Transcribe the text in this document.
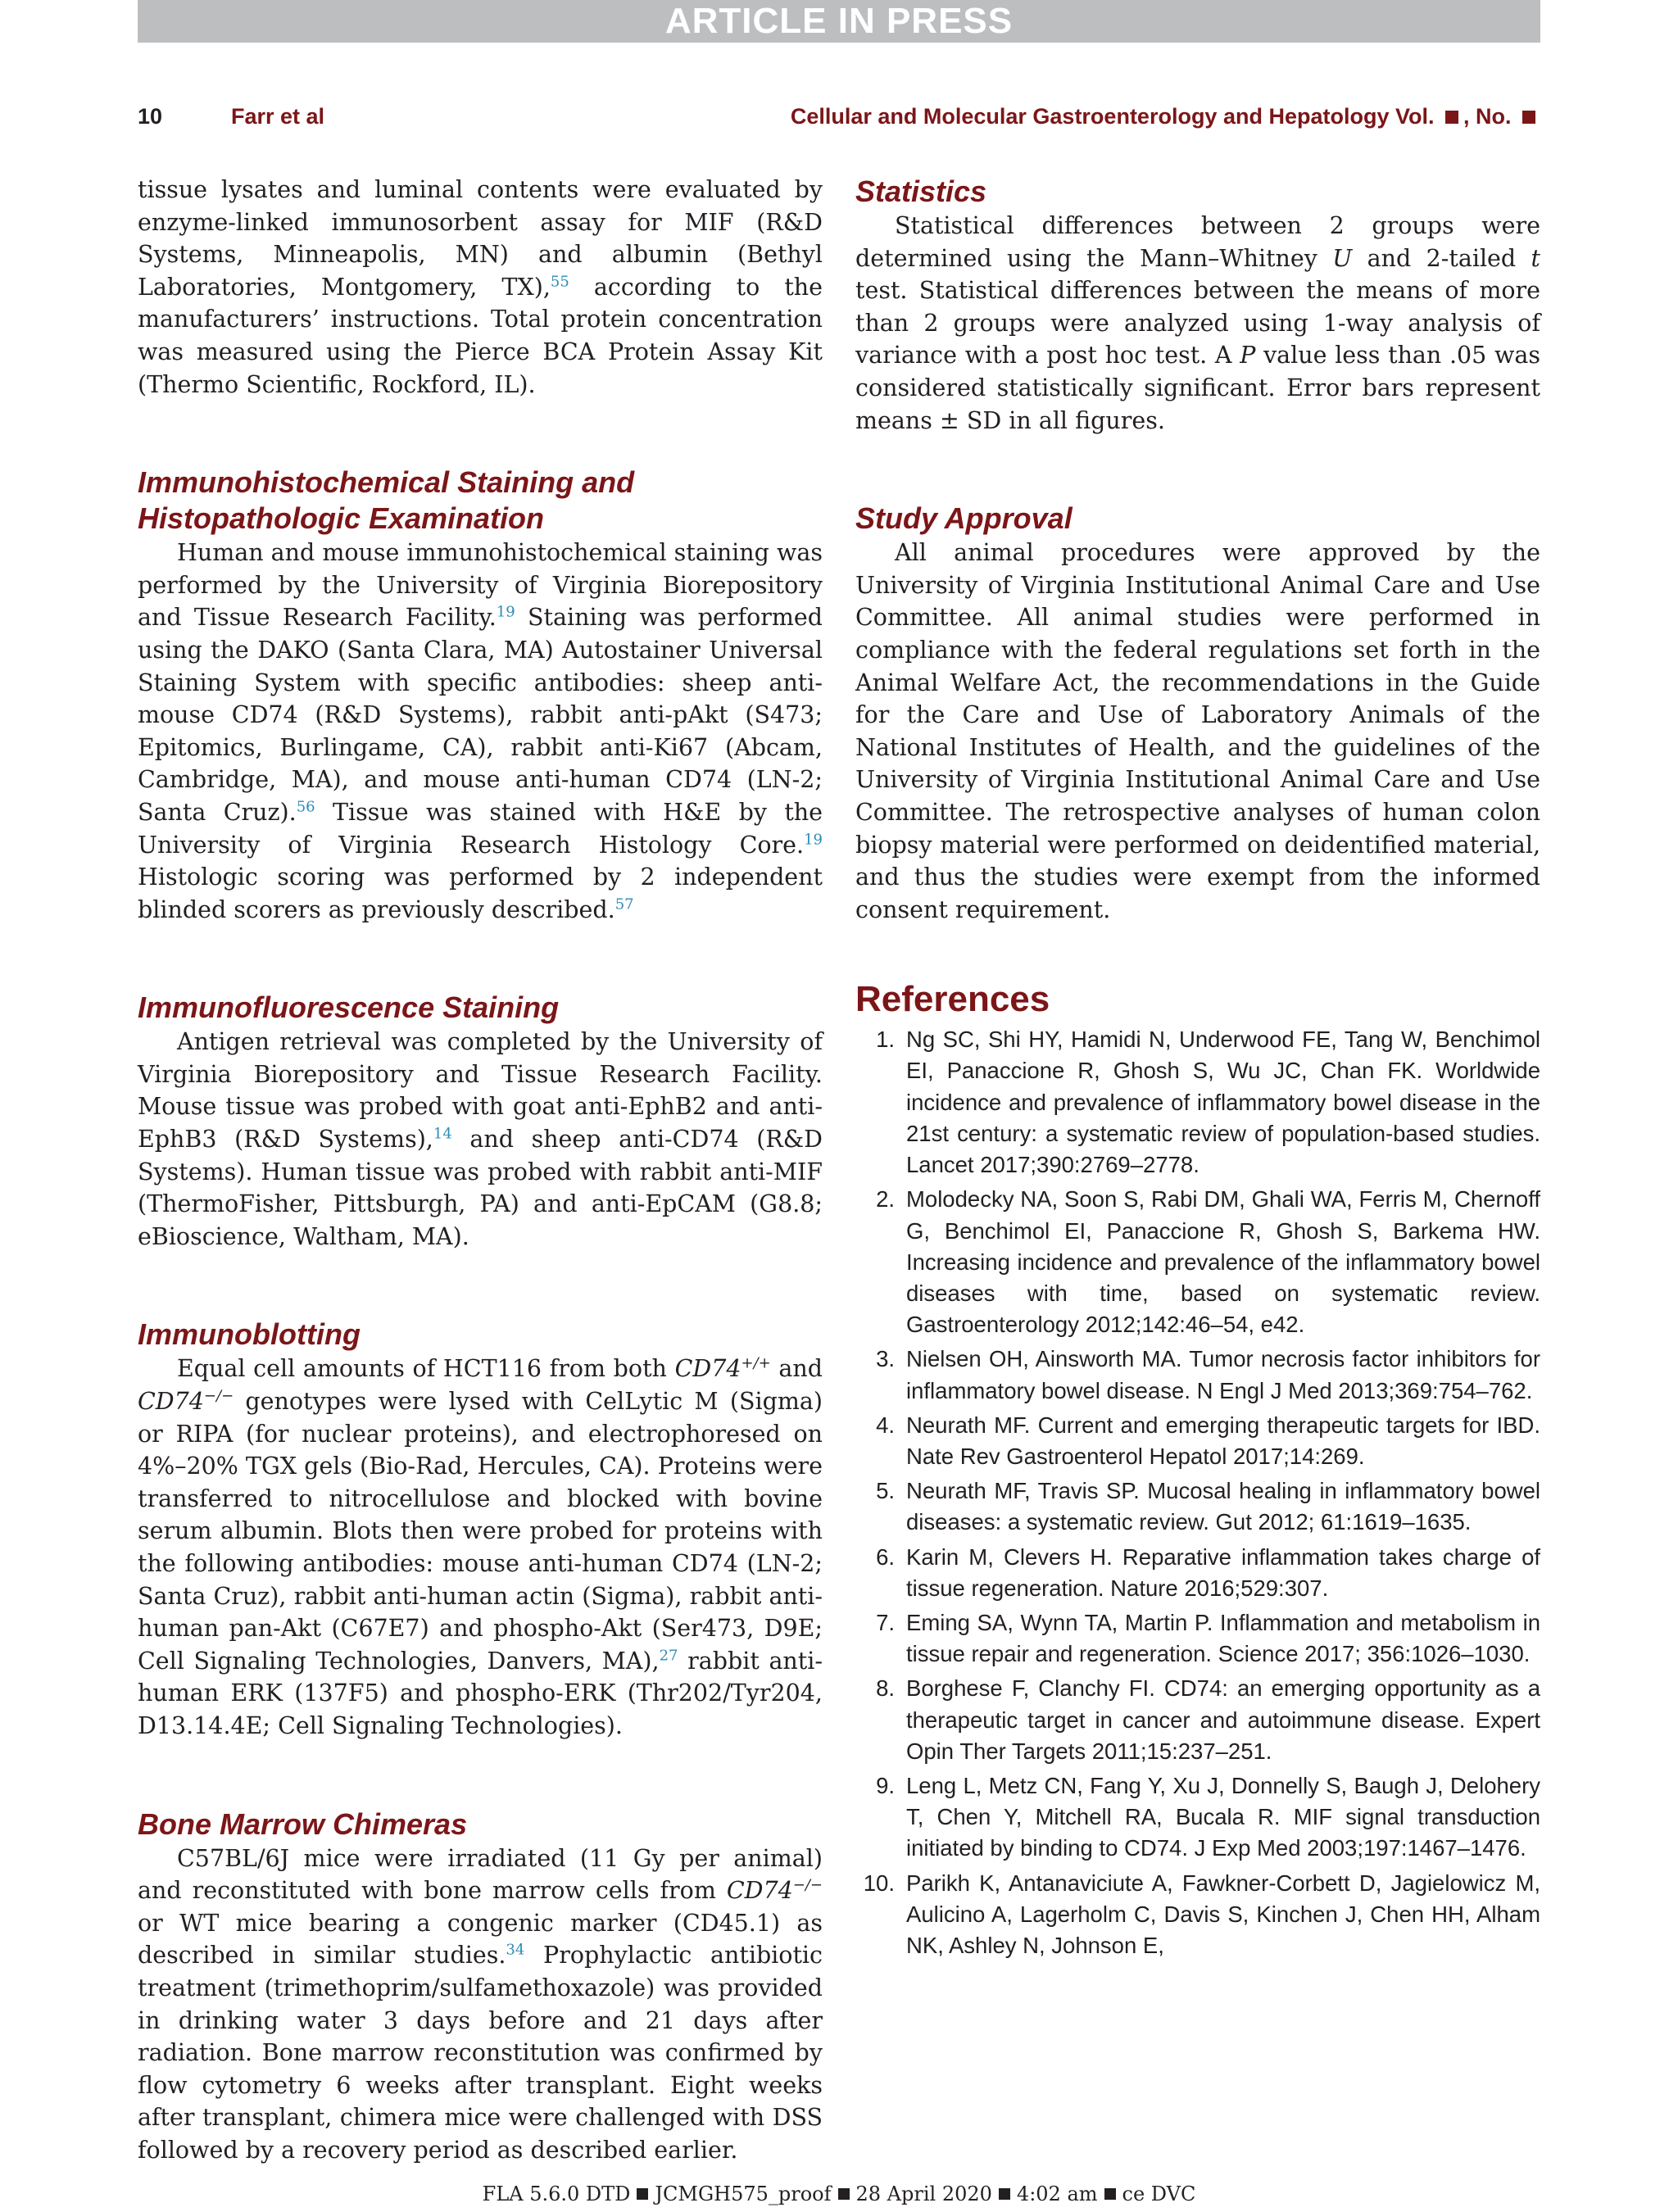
ARTICLE IN PRESS
10	Farr et al	Cellular and Molecular Gastroenterology and Hepatology Vol. , No.

tissue lysates and luminal contents were evaluated by enzyme-linked immunosorbent assay for MIF (R&D Systems, Minneapolis, MN) and albumin (Bethyl Laboratories, Montgomery, TX),$^{55}$ according to the manufacturers’ instructions. Total protein concentration was measured using the Pierce BCA Protein Assay Kit (Thermo Scientific, Rockford, IL).

Immunohistochemical Staining and Histopathologic Examination

Human and mouse immunohistochemical staining was performed by the University of Virginia Biorepository and Tissue Research Facility.$^{19}$ Staining was performed using the DAKO (Santa Clara, MA) Autostainer Universal Staining System with specific antibodies: sheep anti-mouse CD74 (R&D Systems), rabbit anti-pAkt (S473; Epitomics, Burlingame, CA), rabbit anti-Ki67 (Abcam, Cambridge, MA), and mouse anti-human CD74 (LN-2; Santa Cruz).$^{56}$ Tissue was stained with H&E by the University of Virginia Research Histology Core.$^{19}$ Histologic scoring was performed by 2 independent blinded scorers as previously described.$^{57}$

Immunofluorescence Staining

Antigen retrieval was completed by the University of Virginia Biorepository and Tissue Research Facility. Mouse tissue was probed with goat anti-EphB2 and anti-EphB3 (R&D Systems),$^{14}$ and sheep anti-CD74 (R&D Systems). Human tissue was probed with rabbit anti-MIF (ThermoFisher, Pittsburgh, PA) and anti-EpCAM (G8.8; eBioscience, Waltham, MA).

Immunoblotting

Equal cell amounts of HCT116 from both CD74+/+ and CD74−/− genotypes were lysed with CelLytic M (Sigma) or RIPA (for nuclear proteins), and electrophoresed on 4%–20% TGX gels (Bio-Rad, Hercules, CA). Proteins were transferred to nitrocellulose and blocked with bovine serum albumin. Blots then were probed for proteins with the following antibodies: mouse anti-human CD74 (LN-2; Santa Cruz), rabbit anti-human actin (Sigma), rabbit anti-human pan-Akt (C67E7) and phospho-Akt (Ser473, D9E; Cell Signaling Technologies, Danvers, MA),$^{27}$ rabbit anti-human ERK (137F5) and phospho-ERK (Thr202/Tyr204, D13.14.4E; Cell Signaling Technologies).

Bone Marrow Chimeras

C57BL/6J mice were irradiated (11 Gy per animal) and reconstituted with bone marrow cells from CD74−/− or WT mice bearing a congenic marker (CD45.1) as described in similar studies.$^{34}$ Prophylactic antibiotic treatment (trimethoprim/sulfamethoxazole) was provided in drinking water 3 days before and 21 days after radiation. Bone marrow reconstitution was confirmed by flow cytometry 6 weeks after transplant. Eight weeks after transplant, chimera mice were challenged with DSS followed by a recovery period as described earlier.

Statistics

Statistical differences between 2 groups were determined using the Mann–Whitney U and 2-tailed t test. Statistical differences between the means of more than 2 groups were analyzed using 1-way analysis of variance with a post hoc test. A P value less than .05 was considered statistically significant. Error bars represent means ± SD in all figures.

Study Approval

All animal procedures were approved by the University of Virginia Institutional Animal Care and Use Committee. All animal studies were performed in compliance with the federal regulations set forth in the Animal Welfare Act, the recommendations in the Guide for the Care and Use of Laboratory Animals of the National Institutes of Health, and the guidelines of the University of Virginia Institutional Animal Care and Use Committee. The retrospective analyses of human colon biopsy material were performed on deidentified material, and thus the studies were exempt from the informed consent requirement.

References
1. Ng SC, Shi HY, Hamidi N, Underwood FE, Tang W, Benchimol EI, Panaccione R, Ghosh S, Wu JC, Chan FK. Worldwide incidence and prevalence of inflammatory bowel disease in the 21st century: a systematic review of population-based studies. Lancet 2017;390:2769–2778.
2. Molodecky NA, Soon S, Rabi DM, Ghali WA, Ferris M, Chernoff G, Benchimol EI, Panaccione R, Ghosh S, Barkema HW. Increasing incidence and prevalence of the inflammatory bowel diseases with time, based on systematic review. Gastroenterology 2012;142:46–54, e42.
3. Nielsen OH, Ainsworth MA. Tumor necrosis factor inhibitors for inflammatory bowel disease. N Engl J Med 2013;369:754–762.
4. Neurath MF. Current and emerging therapeutic targets for IBD. Nate Rev Gastroenterol Hepatol 2017;14:269.
5. Neurath MF, Travis SP. Mucosal healing in inflammatory bowel diseases: a systematic review. Gut 2012; 61:1619–1635.
6. Karin M, Clevers H. Reparative inflammation takes charge of tissue regeneration. Nature 2016;529:307.
7. Eming SA, Wynn TA, Martin P. Inflammation and metabolism in tissue repair and regeneration. Science 2017; 356:1026–1030.
8. Borghese F, Clanchy FI. CD74: an emerging opportunity as a therapeutic target in cancer and autoimmune disease. Expert Opin Ther Targets 2011;15:237–251.
9. Leng L, Metz CN, Fang Y, Xu J, Donnelly S, Baugh J, Delohery T, Chen Y, Mitchell RA, Bucala R. MIF signal transduction initiated by binding to CD74. J Exp Med 2003;197:1467–1476.
10. Parikh K, Antanaviciute A, Fawkner-Corbett D, Jagielowicz M, Aulicino A, Lagerholm C, Davis S, Kinchen J, Chen HH, Alham NK, Ashley N, Johnson E,
FLA 5.6.0 DTD JCMGH575_proof 28 April 2020 4:02 am ce DVC
